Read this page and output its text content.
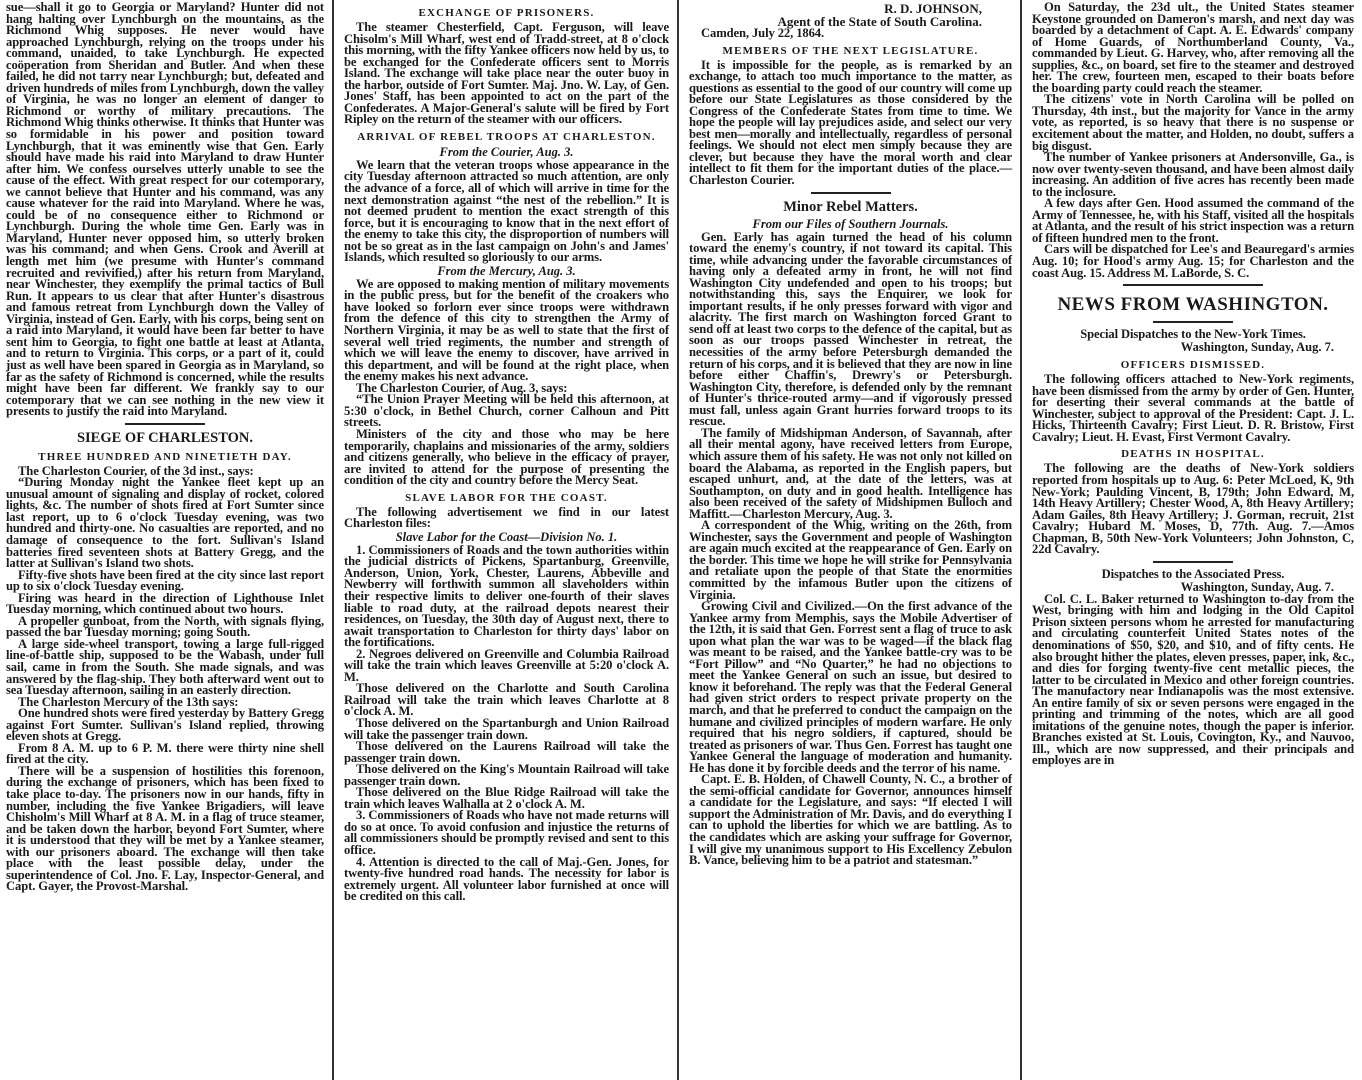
sue—shall it go to Georgia or Maryland? Hunter did not hang halting over Lynchburgh on the mountains, as the Richmond Whig supposes. He never would have approached Lynchburgh, relying on the troops under his command, unaided, to take Lynchburgh. He expected coöperation from Sheridan and Butler. And when these failed, he did not tarry near Lynchburgh; but, defeated and driven hundreds of miles from Lynchburgh, down the valley of Virginia, he was no longer an element of danger to Richmond or worthy of military precautions. The Richmond Whig thinks otherwise. It thinks that Hunter was so formidable in his power and position toward Lynchburgh, that it was eminently wise that Gen. Early should have made his raid into Maryland to draw Hunter after him. We confess ourselves utterly unable to see the cause of the effect. With great respect for our cotemporary, we cannot believe that Hunter and his command, was any cause whatever for the raid into Maryland. Where he was, could be of no consequence either to Richmond or Lynchburgh. During the whole time Gen. Early was in Maryland, Hunter never opposed him, so utterly broken was his command; and when Gens. Crook and Averill at length met him (we presume with Hunter's command recruited and revivified,) after his return from Maryland, near Winchester, they exemplify the primal tactics of Bull Run. It appears to us clear that after Hunter's disastrous and famous retreat from Lynchburgh down the Valley of Virginia, instead of Gen. Early, with his corps, being sent on a raid into Maryland, it would have been far better to have sent him to Georgia, to fight one battle at least at Atlanta, and to return to Virginia. This corps, or a part of it, could just as well have been spared in Georgia as in Maryland, so far as the safety of Richmond is concerned, while the results might have been far different. We frankly say to our cotemporary that we can see nothing in the new view it presents to justify the raid into Maryland.

SIEGE OF CHARLESTON.
THREE HUNDRED AND NINETIETH DAY.

The Charleston Courier, of the 3d inst., says:

“During Monday night the Yankee fleet kept up an unusual amount of signaling and display of rocket, colored lights, &c. The number of shots fired at Fort Sumter since last report, up to 6 o'clock Tuesday evening, was two hundred and thirty-one. No casualties are reported, and no damage of consequence to the fort. Sullivan's Island batteries fired seventeen shots at Battery Gregg, and the latter at Sullivan's Island two shots.

Fifty-five shots have been fired at the city since last report up to six o'clock Tuesday evening.

Firing was heard in the direction of Lighthouse Inlet Tuesday morning, which continued about two hours.

A propeller gunboat, from the North, with signals flying, passed the bar Tuesday morning; going South.

A large side-wheel transport, towing a large full-rigged line-of-battle ship, supposed to be the Wabash, under full sail, came in from the South. She made signals, and was answered by the flag-ship. They both afterward went out to sea Tuesday afternoon, sailing in an easterly direction.

The Charleston Mercury of the 13th says:

One hundred shots were fired yesterday by Battery Gregg against Fort Sumter. Sullivan's Island replied, throwing eleven shots at Gregg.

From 8 A. M. up to 6 P. M. there were thirty nine shell fired at the city.

There will be a suspension of hostilities this forenoon, during the exchange of prisoners, which has been fixed to take place to-day. The prisoners now in our hands, fifty in number, including the five Yankee Brigadiers, will leave Chisholm's Mill Wharf at 8 A. M. in a flag of truce steamer, and be taken down the harbor, beyond Fort Sumter, where it is understood that they will be met by a Yankee steamer, with our prisoners aboard. The exchange will then take place with the least possible delay, under the superintendence of Col. Jno. F. Lay, Inspector-General, and Capt. Gayer, the Provost-Marshal.

EXCHANGE OF PRISONERS.

The steamer Chesterfield, Capt. Ferguson, will leave Chisolm's Mill Wharf, west end of Tradd-street, at 8 o'clock this morning, with the fifty Yankee officers now held by us, to be exchanged for the Confederate officers sent to Morris Island. The exchange will take place near the outer buoy in the harbor, outside of Fort Sumter. Maj. Jno. W. Lay, of Gen. Jones' Staff, has been appointed to act on the part of the Confederates. A Major-General's salute will be fired by Fort Ripley on the return of the steamer with our officers.

ARRIVAL OF REBEL TROOPS AT CHARLESTON.
From the Courier, Aug. 3.

We learn that the veteran troops whose appearance in the city Tuesday afternoon attracted so much attention, are only the advance of a force, all of which will arrive in time for the next demonstration against “the nest of the rebellion.” It is not deemed prudent to mention the exact strength of this force, but it is encouraging to know that in the next effort of the enemy to take this city, the disproportion of numbers will not be so great as in the last campaign on John's and James' Islands, which resulted so gloriously to our arms.

From the Mercury, Aug. 3.

We are opposed to making mention of military movements in the public press, but for the benefit of the croakers who have looked so forlorn ever since troops were withdrawn from the defence of this city to strengthen the Army of Northern Virginia, it may be as well to state that the first of several well tried regiments, the number and strength of which we will leave the enemy to discover, have arrived in this department, and will be found at the right place, when the enemy makes his next advance.

The Charleston Courier, of Aug. 3, says:

“The Union Prayer Meeting will be held this afternoon, at 5:30 o'clock, in Bethel Church, corner Calhoun and Pitt streets.

Ministers of the city and those who may be here temporarily, chaplains and missionaries of the army, soldiers and citizens generally, who believe in the efficacy of prayer, are invited to attend for the purpose of presenting the condition of the city and country before the Mercy Seat.

SLAVE LABOR FOR THE COAST.

The following advertisement we find in our latest Charleston files:

Slave Labor for the Coast—Division No. 1.

1. Commissioners of Roads and the town authorities within the judicial districts of Pickens, Spartanburg, Greenville, Anderson, Union, York, Chester, Laurens, Abbeville and Newberry will forthwith summon all slaveholders within their respective limits to deliver one-fourth of their slaves liable to road duty, at the railroad depots nearest their residences, on Tuesday, the 30th day of August next, there to await transportation to Charleston for thirty days' labor on the fortifications.

2. Negroes delivered on Greenville and Columbia Railroad will take the train which leaves Greenville at 5:20 o'clock A. M.

Those delivered on the Charlotte and South Carolina Railroad will take the train which leaves Charlotte at 8 o'clock A. M.

Those delivered on the Spartanburgh and Union Railroad will take the passenger train down.

Those delivered on the Laurens Railroad will take the passenger train down.

Those delivered on the King's Mountain Railroad will take passenger train down.

Those delivered on the Blue Ridge Railroad will take the train which leaves Walhalla at 2 o'clock A. M.

3. Commissioners of Roads who have not made returns will do so at once. To avoid confusion and injustice the returns of all commissioners should be promptly revised and sent to this office.

4. Attention is directed to the call of Maj.-Gen. Jones, for twenty-five hundred road hands. The necessity for labor is extremely urgent. All volunteer labor furnished at once will be credited on this call.

R. D. JOHNSON,
Agent of the State of South Carolina.

Camden, July 22, 1864.

MEMBERS OF THE NEXT LEGISLATURE.

It is impossible for the people, as is remarked by an exchange, to attach too much importance to the matter, as questions as essential to the good of our country will come up before our State Legislatures as those considered by the Congress of the Confederate States from time to time. We hope the people will lay prejudices aside, and select our very best men—morally and intellectually, regardless of personal feelings. We should not elect men simply because they are clever, but because they have the moral worth and clear intellect to fit them for the important duties of the place.—Charleston Courier.

Minor Rebel Matters.
From our Files of Southern Journals.

Gen. Early has again turned the head of his column toward the enemy's country, if not toward its capital. This time, while advancing under the favorable circumstances of having only a defeated army in front, he will not find Washington City undefended and open to his troops; but notwithstanding this, says the Enquirer, we look for important results, if he only presses forward with vigor and alacrity. The first march on Washington forced Grant to send off at least two corps to the defence of the capital, but as soon as our troops passed Winchester in retreat, the necessities of the army before Petersburgh demanded the return of his corps, and it is believed that they are now in line before either Chaffin's, Drewry's or Petersburgh. Washington City, therefore, is defended only by the remnant of Hunter's thrice-routed army—and if vigorously pressed must fall, unless again Grant hurries forward troops to its rescue.

The family of Midshipman Anderson, of Savannah, after all their mental agony, have received letters from Europe, which assure them of his safety. He was not only not killed on board the Alabama, as reported in the English papers, but escaped unhurt, and, at the date of the letters, was at Southampton, on duty and in good health. Intelligence has also been received of the safety of Midshipmen Bulloch and Maffitt.—Charleston Mercury, Aug. 3.

A correspondent of the Whig, writing on the 26th, from Winchester, says the Government and people of Washington are again much excited at the reappearance of Gen. Early on the border. This time we hope he will strike for Pennsylvania and retaliate upon the people of that State the enormities committed by the infamous Butler upon the citizens of Virginia.

Growing Civil and Civilized.—On the first advance of the Yankee army from Memphis, says the Mobile Advertiser of the 12th, it is said that Gen. Forrest sent a flag of truce to ask upon what plan the war was to be waged—if the black flag was meant to be raised, and the Yankee battle-cry was to be “Fort Pillow” and “No Quarter,” he had no objections to meet the Yankee General on such an issue, but desired to know it beforehand. The reply was that the Federal General had given strict orders to respect private property on the march, and that he preferred to conduct the campaign on the humane and civilized principles of modern warfare. He only required that his negro soldiers, if captured, should be treated as prisoners of war. Thus Gen. Forrest has taught one Yankee General the language of moderation and humanity. He has done it by forcible deeds and the terror of his name.

Capt. E. B. Holden, of Chawell County, N. C., a brother of the semi-official candidate for Governor, announces himself a candidate for the Legislature, and says: “If elected I will support the Administration of Mr. Davis, and do everything I can to uphold the liberties for which we are battling. As to the candidates which are asking your suffrage for Governor, I will give my unanimous support to His Excellency Zebulon B. Vance, believing him to be a patriot and statesman.”

On Saturday, the 23d ult., the United States steamer Keystone grounded on Dameron's marsh, and next day was boarded by a detachment of Capt. A. E. Edwards' company of Home Guards, of Northumberland County, Va., commanded by Lieut. G. Harvey, who, after removing all the supplies, &c., on board, set fire to the steamer and destroyed her. The crew, fourteen men, escaped to their boats before the boarding party could reach the steamer.

The citizens' vote in North Carolina will be polled on Thursday, 4th inst., but the majority for Vance in the army vote, as reported, is so heavy that there is no suspense or excitement about the matter, and Holden, no doubt, suffers a big disgust.

The number of Yankee prisoners at Andersonville, Ga., is now over twenty-seven thousand, and have been almost daily increasing. An addition of five acres has recently been made to the inclosure.

A few days after Gen. Hood assumed the command of the Army of Tennessee, he, with his Staff, visited all the hospitals at Atlanta, and the result of his strict inspection was a return of fifteen hundred men to the front.

Cars will be dispatched for Lee's and Beauregard's armies Aug. 10; for Hood's army Aug. 15; for Charleston and the coast Aug. 15. Address M. LaBorde, S. C.

NEWS FROM WASHINGTON.

Special Dispatches to the New-York Times.

Washington, Sunday, Aug. 7.
OFFICERS DISMISSED.

The following officers attached to New-York regiments, have been dismissed from the army by order of Gen. Hunter, for deserting their several commands at the battle of Winchester, subject to approval of the President: Capt. J. L. Hicks, Thirteenth Cavalry; First Lieut. D. R. Bristow, First Cavalry; Lieut. H. Evast, First Vermont Cavalry.

DEATHS IN HOSPITAL.

The following are the deaths of New-York soldiers reported from hospitals up to Aug. 6: Peter McLoed, K, 9th New-York; Paulding Vincent, B, 179th; John Edward, M, 14th Heavy Artillery; Chester Wood, A, 8th Heavy Artillery; Adam Gailes, 8th Heavy Artillery; J. Gorman, recruit, 21st Cavalry; Hubard M. Moses, D, 77th. Aug. 7.—Amos Chapman, B, 50th New-York Volunteers; John Johnston, C, 22d Cavalry.

Dispatches to the Associated Press.

Washington, Sunday, Aug. 7.

Col. C. L. Baker returned to Washington to-day from the West, bringing with him and lodging in the Old Capitol Prison sixteen persons whom he arrested for manufacturing and circulating counterfeit United States notes of the denominations of $50, $20, and $10, and of fifty cents. He also brought hither the plates, eleven presses, paper, ink, &c., and dies for forging twenty-five cent metallic pieces, the latter to be circulated in Mexico and other foreign countries. The manufactory near Indianapolis was the most extensive. An entire family of six or seven persons were engaged in the printing and trimming of the notes, which are all good imitations of the genuine notes, though the paper is inferior. Branches existed at St. Louis, Covington, Ky., and Nauvoo, Ill., which are now suppressed, and their principals and employes are in
